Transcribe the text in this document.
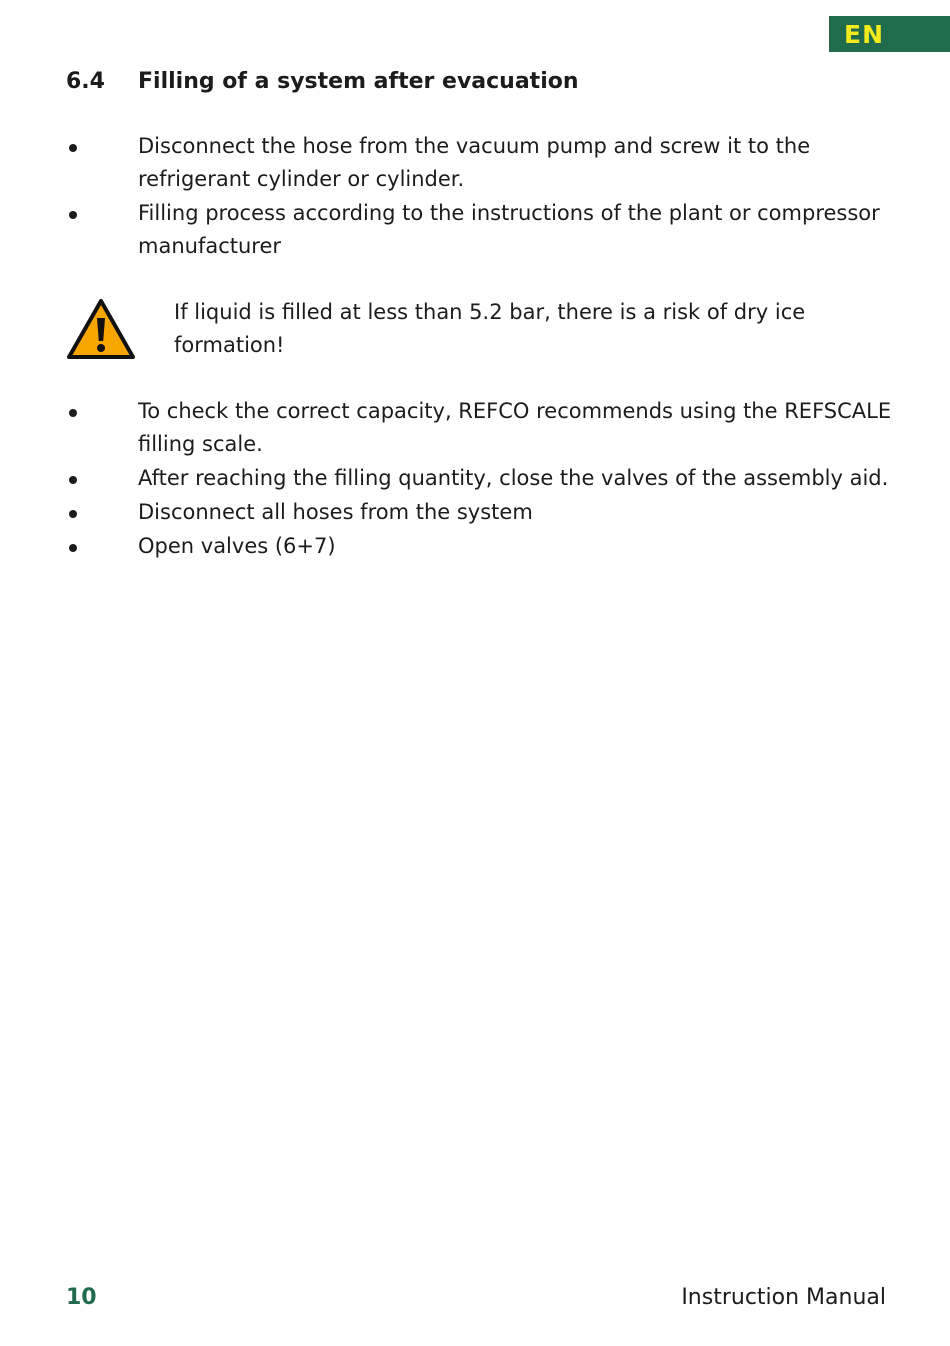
EN
6.4 Filling of a system after evacuation
Disconnect the hose from the vacuum pump and screw it to the refrigerant cylinder or cylinder.
Filling process according to the instructions of the plant or compressor manufacturer

If liquid is filled at less than 5.2 bar, there is a risk of dry ice formation!

To check the correct capacity, REFCO recommends using the REFSCALE filling scale.
After reaching the filling quantity, close the valves of the assembly aid.
Disconnect all hoses from the system
Open valves (6+7)
10	Instruction Manual
